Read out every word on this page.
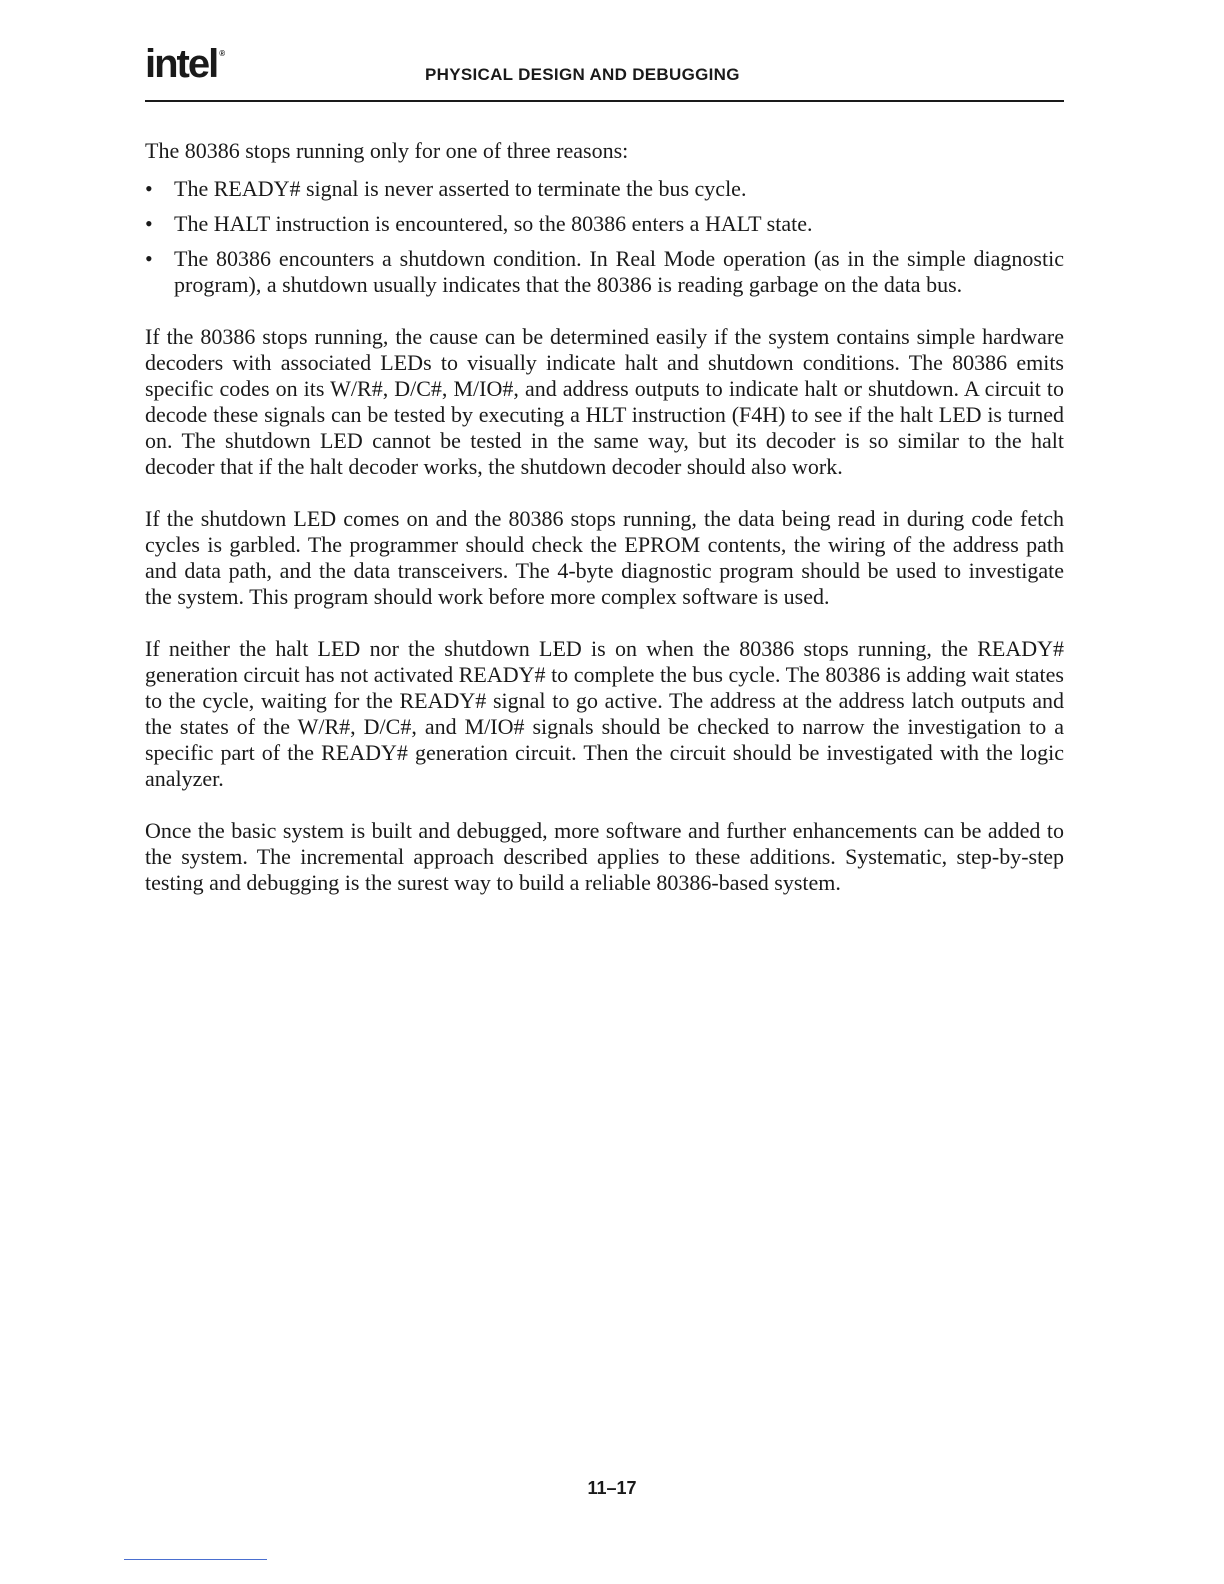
intel ®
PHYSICAL DESIGN AND DEBUGGING

The 80386 stops running only for one of three reasons:

• The READY# signal is never asserted to terminate the bus cycle.
• The HALT instruction is encountered, so the 80386 enters a HALT state.
• The 80386 encounters a shutdown condition. In Real Mode operation (as in the simple diagnostic program), a shutdown usually indicates that the 80386 is reading garbage on the data bus.

If the 80386 stops running, the cause can be determined easily if the system contains simple hardware decoders with associated LEDs to visually indicate halt and shutdown conditions. The 80386 emits specific codes on its W/R#, D/C#, M/IO#, and address outputs to indicate halt or shutdown. A circuit to decode these signals can be tested by executing a HLT instruction (F4H) to see if the halt LED is turned on. The shutdown LED cannot be tested in the same way, but its decoder is so similar to the halt decoder that if the halt decoder works, the shutdown decoder should also work.

If the shutdown LED comes on and the 80386 stops running, the data being read in during code fetch cycles is garbled. The programmer should check the EPROM contents, the wiring of the address path and data path, and the data transceivers. The 4-byte diagnostic program should be used to investigate the system. This program should work before more complex software is used.

If neither the halt LED nor the shutdown LED is on when the 80386 stops running, the READY# generation circuit has not activated READY# to complete the bus cycle. The 80386 is adding wait states to the cycle, waiting for the READY# signal to go active. The address at the address latch outputs and the states of the W/R#, D/C#, and M/IO# signals should be checked to narrow the investigation to a specific part of the READY# generation circuit. Then the circuit should be investigated with the logic analyzer.

Once the basic system is built and debugged, more software and further enhancements can be added to the system. The incremental approach described applies to these additions. Systematic, step-by-step testing and debugging is the surest way to build a reliable 80386-based system.

11–17
